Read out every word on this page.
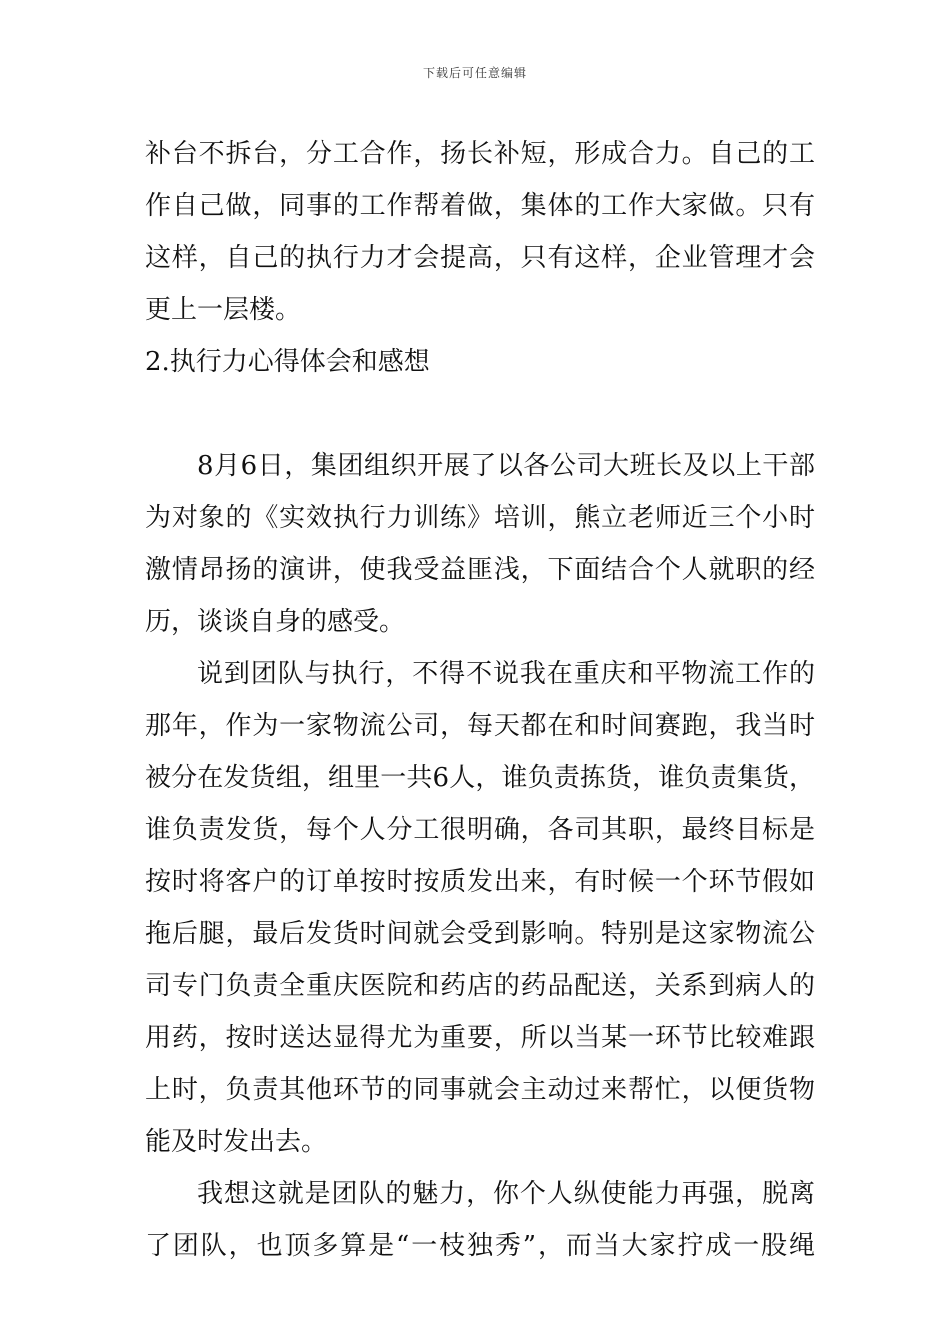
下载后可任意编辑
补台不拆台，分工合作，扬长补短，形成合力。自己的工
作自己做，同事的工作帮着做，集体的工作大家做。只有
这样，自己的执行力才会提高，只有这样，企业管理才会
更上一层楼。
2.执行力心得体会和感想
8月6日，集团组织开展了以各公司大班长及以上干部
为对象的《实效执行力训练》培训，熊立老师近三个小时
激情昂扬的演讲，使我受益匪浅，下面结合个人就职的经
历，谈谈自身的感受。
说到团队与执行，不得不说我在重庆和平物流工作的
那年，作为一家物流公司，每天都在和时间赛跑，我当时
被分在发货组，组里一共6人，谁负责拣货，谁负责集货，
谁负责发货，每个人分工很明确，各司其职，最终目标是
按时将客户的订单按时按质发出来，有时候一个环节假如
拖后腿，最后发货时间就会受到影响。特别是这家物流公
司专门负责全重庆医院和药店的药品配送，关系到病人的
用药，按时送达显得尤为重要，所以当某一环节比较难跟
上时，负责其他环节的同事就会主动过来帮忙，以便货物
能及时发出去。
我想这就是团队的魅力，你个人纵使能力再强，脱离
了团队，也顶多算是“一枝独秀”，而当大家拧成一股绳
